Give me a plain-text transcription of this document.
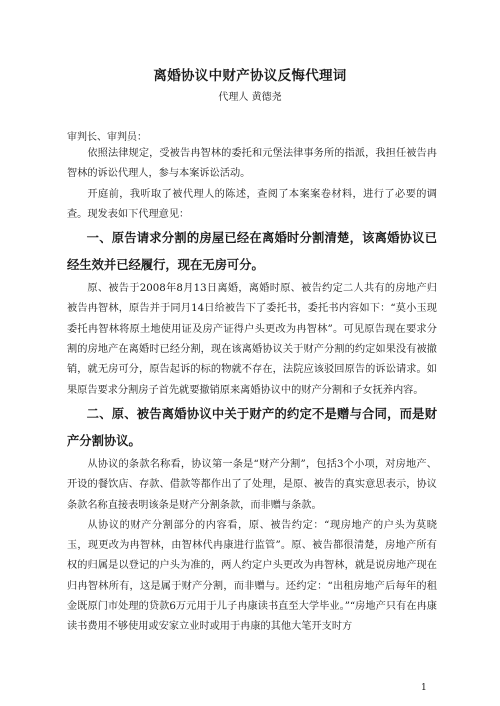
离婚协议中财产协议反悔代理词
代理人 黄德尧
审判长、审判员：

依照法律规定，受被告冉智林的委托和元堡法律事务所的指派，我担任被告冉智林的诉讼代理人，参与本案诉讼活动。

开庭前，我听取了被代理人的陈述，查阅了本案案卷材料，进行了必要的调查。现发表如下代理意见：

一、原告请求分割的房屋已经在离婚时分割清楚，该离婚协议已经生效并已经履行，现在无房可分。

原、被告于2008年8月13日离婚，离婚时原、被告约定二人共有的房地产归被告冉智林，原告并于同月14日给被告下了委托书，委托书内容如下：“莫小玉现委托冉智林将原土地使用证及房产证得户头更改为冉智林”。可见原告现在要求分割的房地产在离婚时已经分割，现在该离婚协议关于财产分割的约定如果没有被撤销，就无房可分，原告起诉的标的物就不存在，法院应该驳回原告的诉讼请求。如果原告要求分割房子首先就要撤销原来离婚协议中的财产分割和子女抚养内容。

二、原、被告离婚协议中关于财产的约定不是赠与合同，而是财产分割协议。

从协议的条款名称看，协议第一条是“财产分割”，包括3个小项，对房地产、开设的餐饮店、存款、借款等都作出了了处理，是原、被告的真实意思表示，协议条款名称直接表明该条是财产分割条款，而非赠与条款。

从协议的财产分割部分的内容看，原、被告约定：“现房地产的户头为莫晓玉，现更改为冉智林，由智林代冉康进行监管”。原、被告都很清楚，房地产所有权的归属是以登记的户头为准的，两人约定户头更改为冉智林，就是说房地产现在归冉智林所有，这是属于财产分割，而非赠与。还约定：“出租房地产后每年的租金既原门市处理的贷款6万元用于儿子冉康读书直至大学毕业。”“房地产只有在冉康读书费用不够使用或安家立业时或用于冉康的其他大笔开支时方

1
